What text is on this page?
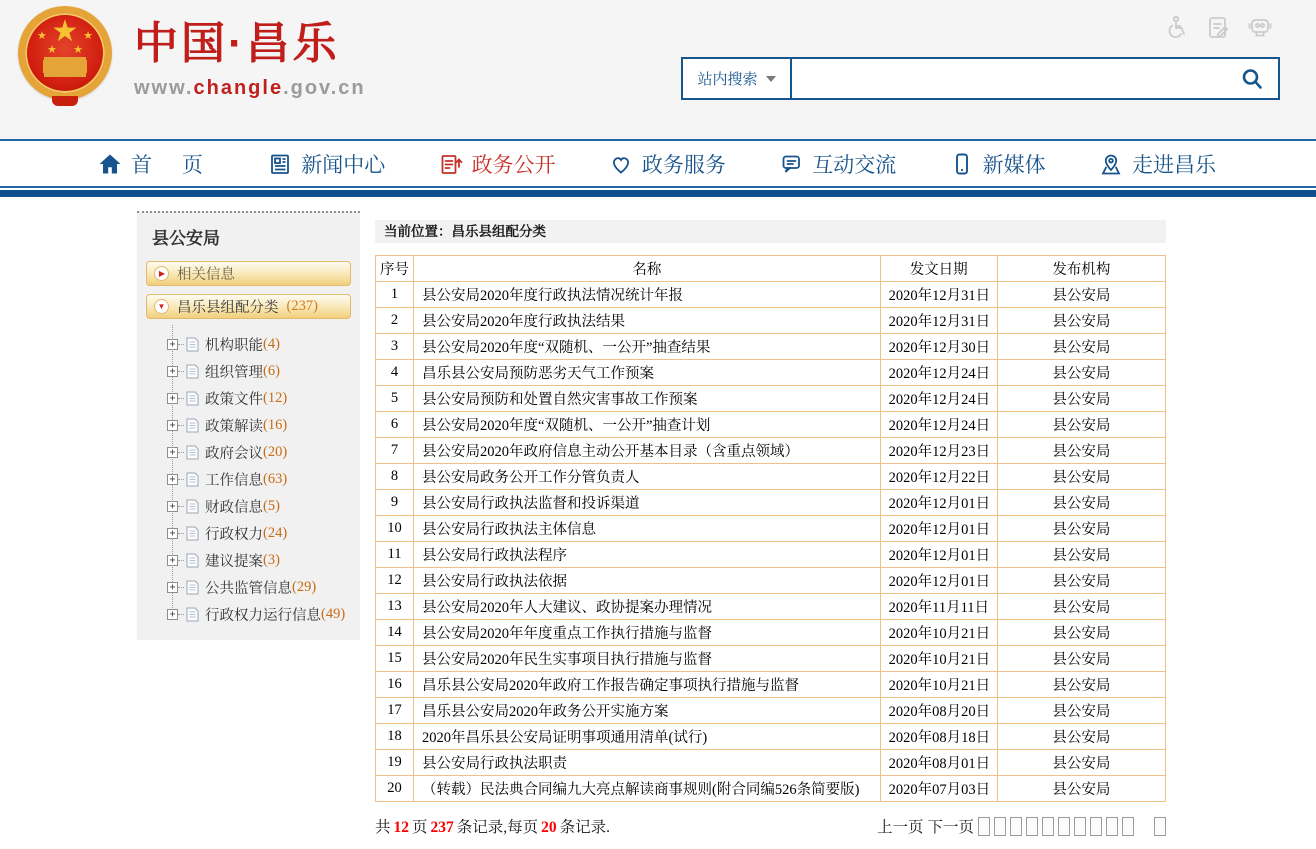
★
★	★
★ ★ 中国·昌乐
www.changle.gov.cn	站内搜索
首 页	新闻中心	政务公开	政务服务	互动交流	新媒体	走进昌乐
县公安局
▶
相关信息
▼
昌乐县组配分类 (237)
+
机构职能 (4)
+
组织管理 (6)
+
政策文件 (12)
+
政策解读 (16)
+
政府会议 (20)
+
工作信息 (63)
+
财政信息 (5)
+
行政权力 (24)
+
建议提案 (3)
+
公共监管信息 (29)
+
行政权力运行信息 (49)
当前位置：昌乐县组配分类
序号	名称	发文日期	发布机构
1	县公安局2020年度行政执法情况统计年报	2020年12月31日	县公安局
2	县公安局2020年度行政执法结果	2020年12月31日	县公安局
3	县公安局2020年度“双随机、一公开”抽查结果	2020年12月30日	县公安局
4	昌乐县公安局预防恶劣天气工作预案	2020年12月24日	县公安局
5	县公安局预防和处置自然灾害事故工作预案	2020年12月24日	县公安局
6	县公安局2020年度“双随机、一公开”抽查计划	2020年12月24日	县公安局
7	县公安局2020年政府信息主动公开基本目录（含重点领域）	2020年12月23日	县公安局
8	县公安局政务公开工作分管负责人	2020年12月22日	县公安局
9	县公安局行政执法监督和投诉渠道	2020年12月01日	县公安局
10	县公安局行政执法主体信息	2020年12月01日	县公安局
11	县公安局行政执法程序	2020年12月01日	县公安局
12	县公安局行政执法依据	2020年12月01日	县公安局
13	县公安局2020年人大建议、政协提案办理情况	2020年11月11日	县公安局
14	县公安局2020年年度重点工作执行措施与监督	2020年10月21日	县公安局
15	县公安局2020年民生实事项目执行措施与监督	2020年10月21日	县公安局
16	昌乐县公安局2020年政府工作报告确定事项执行措施与监督	2020年10月21日	县公安局
17	昌乐县公安局2020年政务公开实施方案	2020年08月20日	县公安局
18	2020年昌乐县公安局证明事项通用清单(试行)	2020年08月18日	县公安局
19	县公安局行政执法职责	2020年08月01日	县公安局
20	（转载）民法典合同编九大亮点解读商事规则(附合同编526条简要版)	2020年07月03日	县公安局
共 12 页 237 条记录,每页 20 条记录.	上一页 下一页
